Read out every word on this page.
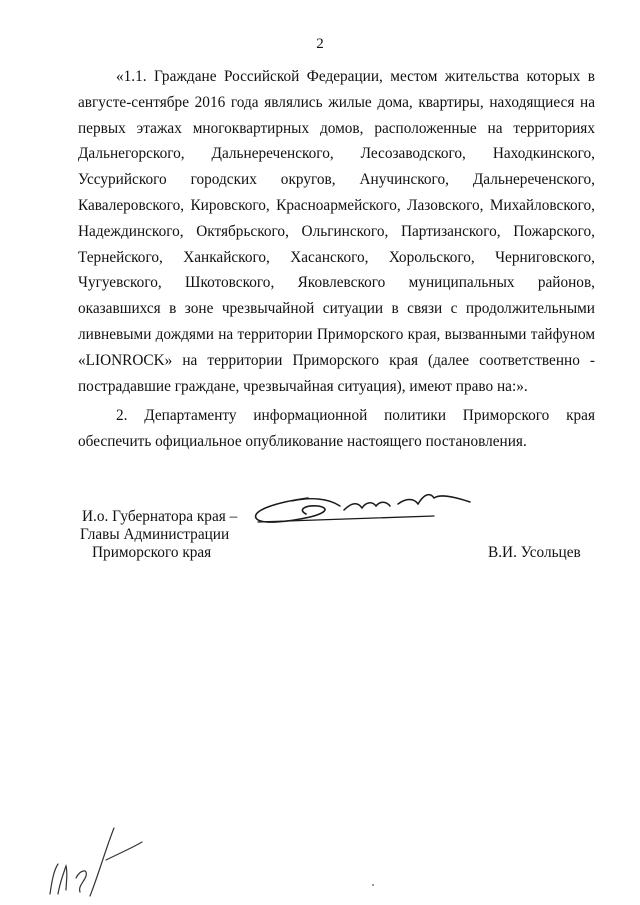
2

«1.1. Граждане Российской Федерации, местом жительства которых в августе-сентябре 2016 года являлись жилые дома, квартиры, находящиеся на первых этажах многоквартирных домов, расположенные на территориях Дальнегорского, Дальнереченского, Лесозаводского, Находкинского, Уссурийского городских округов, Анучинского, Дальнереченского, Кавалеровского, Кировского, Красноармейского, Лазовского, Михайловского, Надеждинского, Октябрьского, Ольгинского, Партизанского, Пожарского, Тернейского, Ханкайского, Хасанского, Хорольского, Черниговского, Чугуевского, Шкотовского, Яковлевского муниципальных районов, оказавшихся в зоне чрезвычайной ситуации в связи с продолжительными ливневыми дождями на территории Приморского края, вызванными тайфуном «LIONROCK» на территории Приморского края (далее соответственно - пострадавшие граждане, чрезвычайная ситуация), имеют право на:».

2. Департаменту информационной политики Приморского края обеспечить официальное опубликование настоящего постановления.

И.о. Губернатора края –
Главы Администрации
Приморского края	В.И. Усольцев
